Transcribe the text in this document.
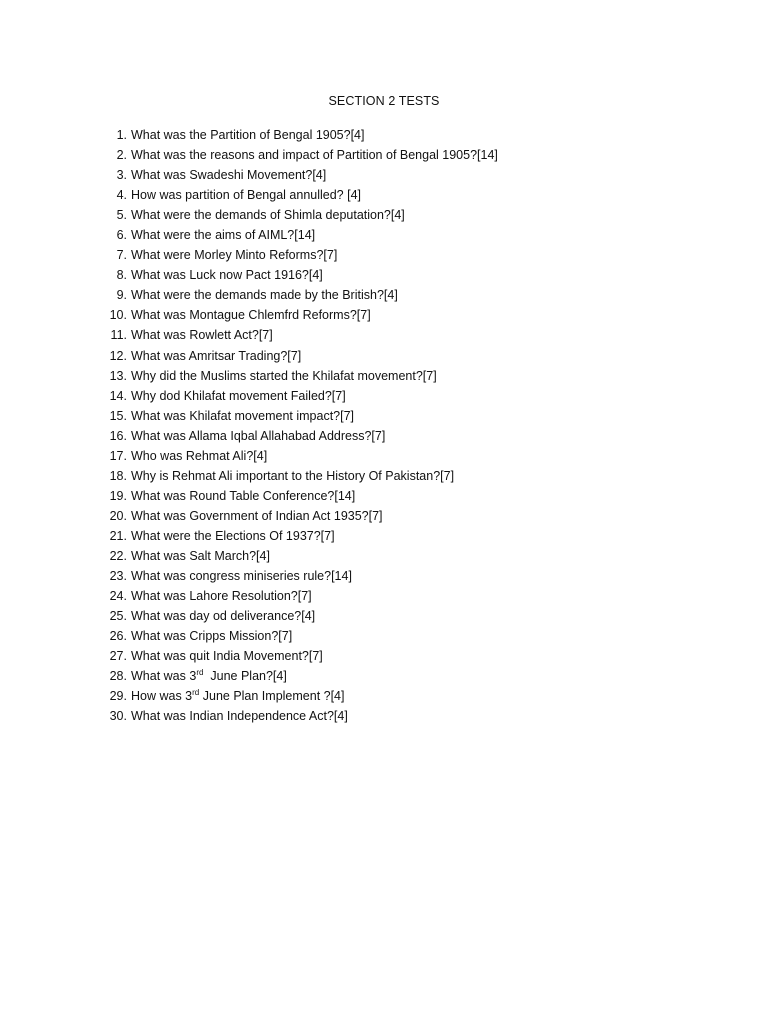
SECTION 2 TESTS
1. What was the Partition of Bengal 1905?[4]
2. What was the reasons and impact of Partition of Bengal 1905?[14]
3. What was Swadeshi Movement?[4]
4. How was partition of Bengal annulled? [4]
5. What were the demands of Shimla deputation?[4]
6. What were the aims of AIML?[14]
7. What were Morley Minto Reforms?[7]
8. What was Luck now Pact 1916?[4]
9. What were the demands made by the British?[4]
10. What was Montague Chlemfrd Reforms?[7]
11. What was Rowlett Act?[7]
12. What was Amritsar Trading?[7]
13. Why did the Muslims started the Khilafat movement?[7]
14. Why dod Khilafat movement Failed?[7]
15. What was Khilafat movement impact?[7]
16. What was Allama Iqbal Allahabad Address?[7]
17. Who was Rehmat Ali?[4]
18. Why is Rehmat Ali important to the History Of Pakistan?[7]
19. What was Round Table Conference?[14]
20. What was Government of Indian Act 1935?[7]
21. What were the Elections Of 1937?[7]
22. What was Salt March?[4]
23. What was congress miniseries rule?[14]
24. What was Lahore Resolution?[7]
25. What was day od deliverance?[4]
26. What was Cripps Mission?[7]
27. What was quit India Movement?[7]
28. What was 3rd  June Plan?[4]
29. How was 3rd June Plan Implement ?[4]
30. What was Indian Independence Act?[4]
